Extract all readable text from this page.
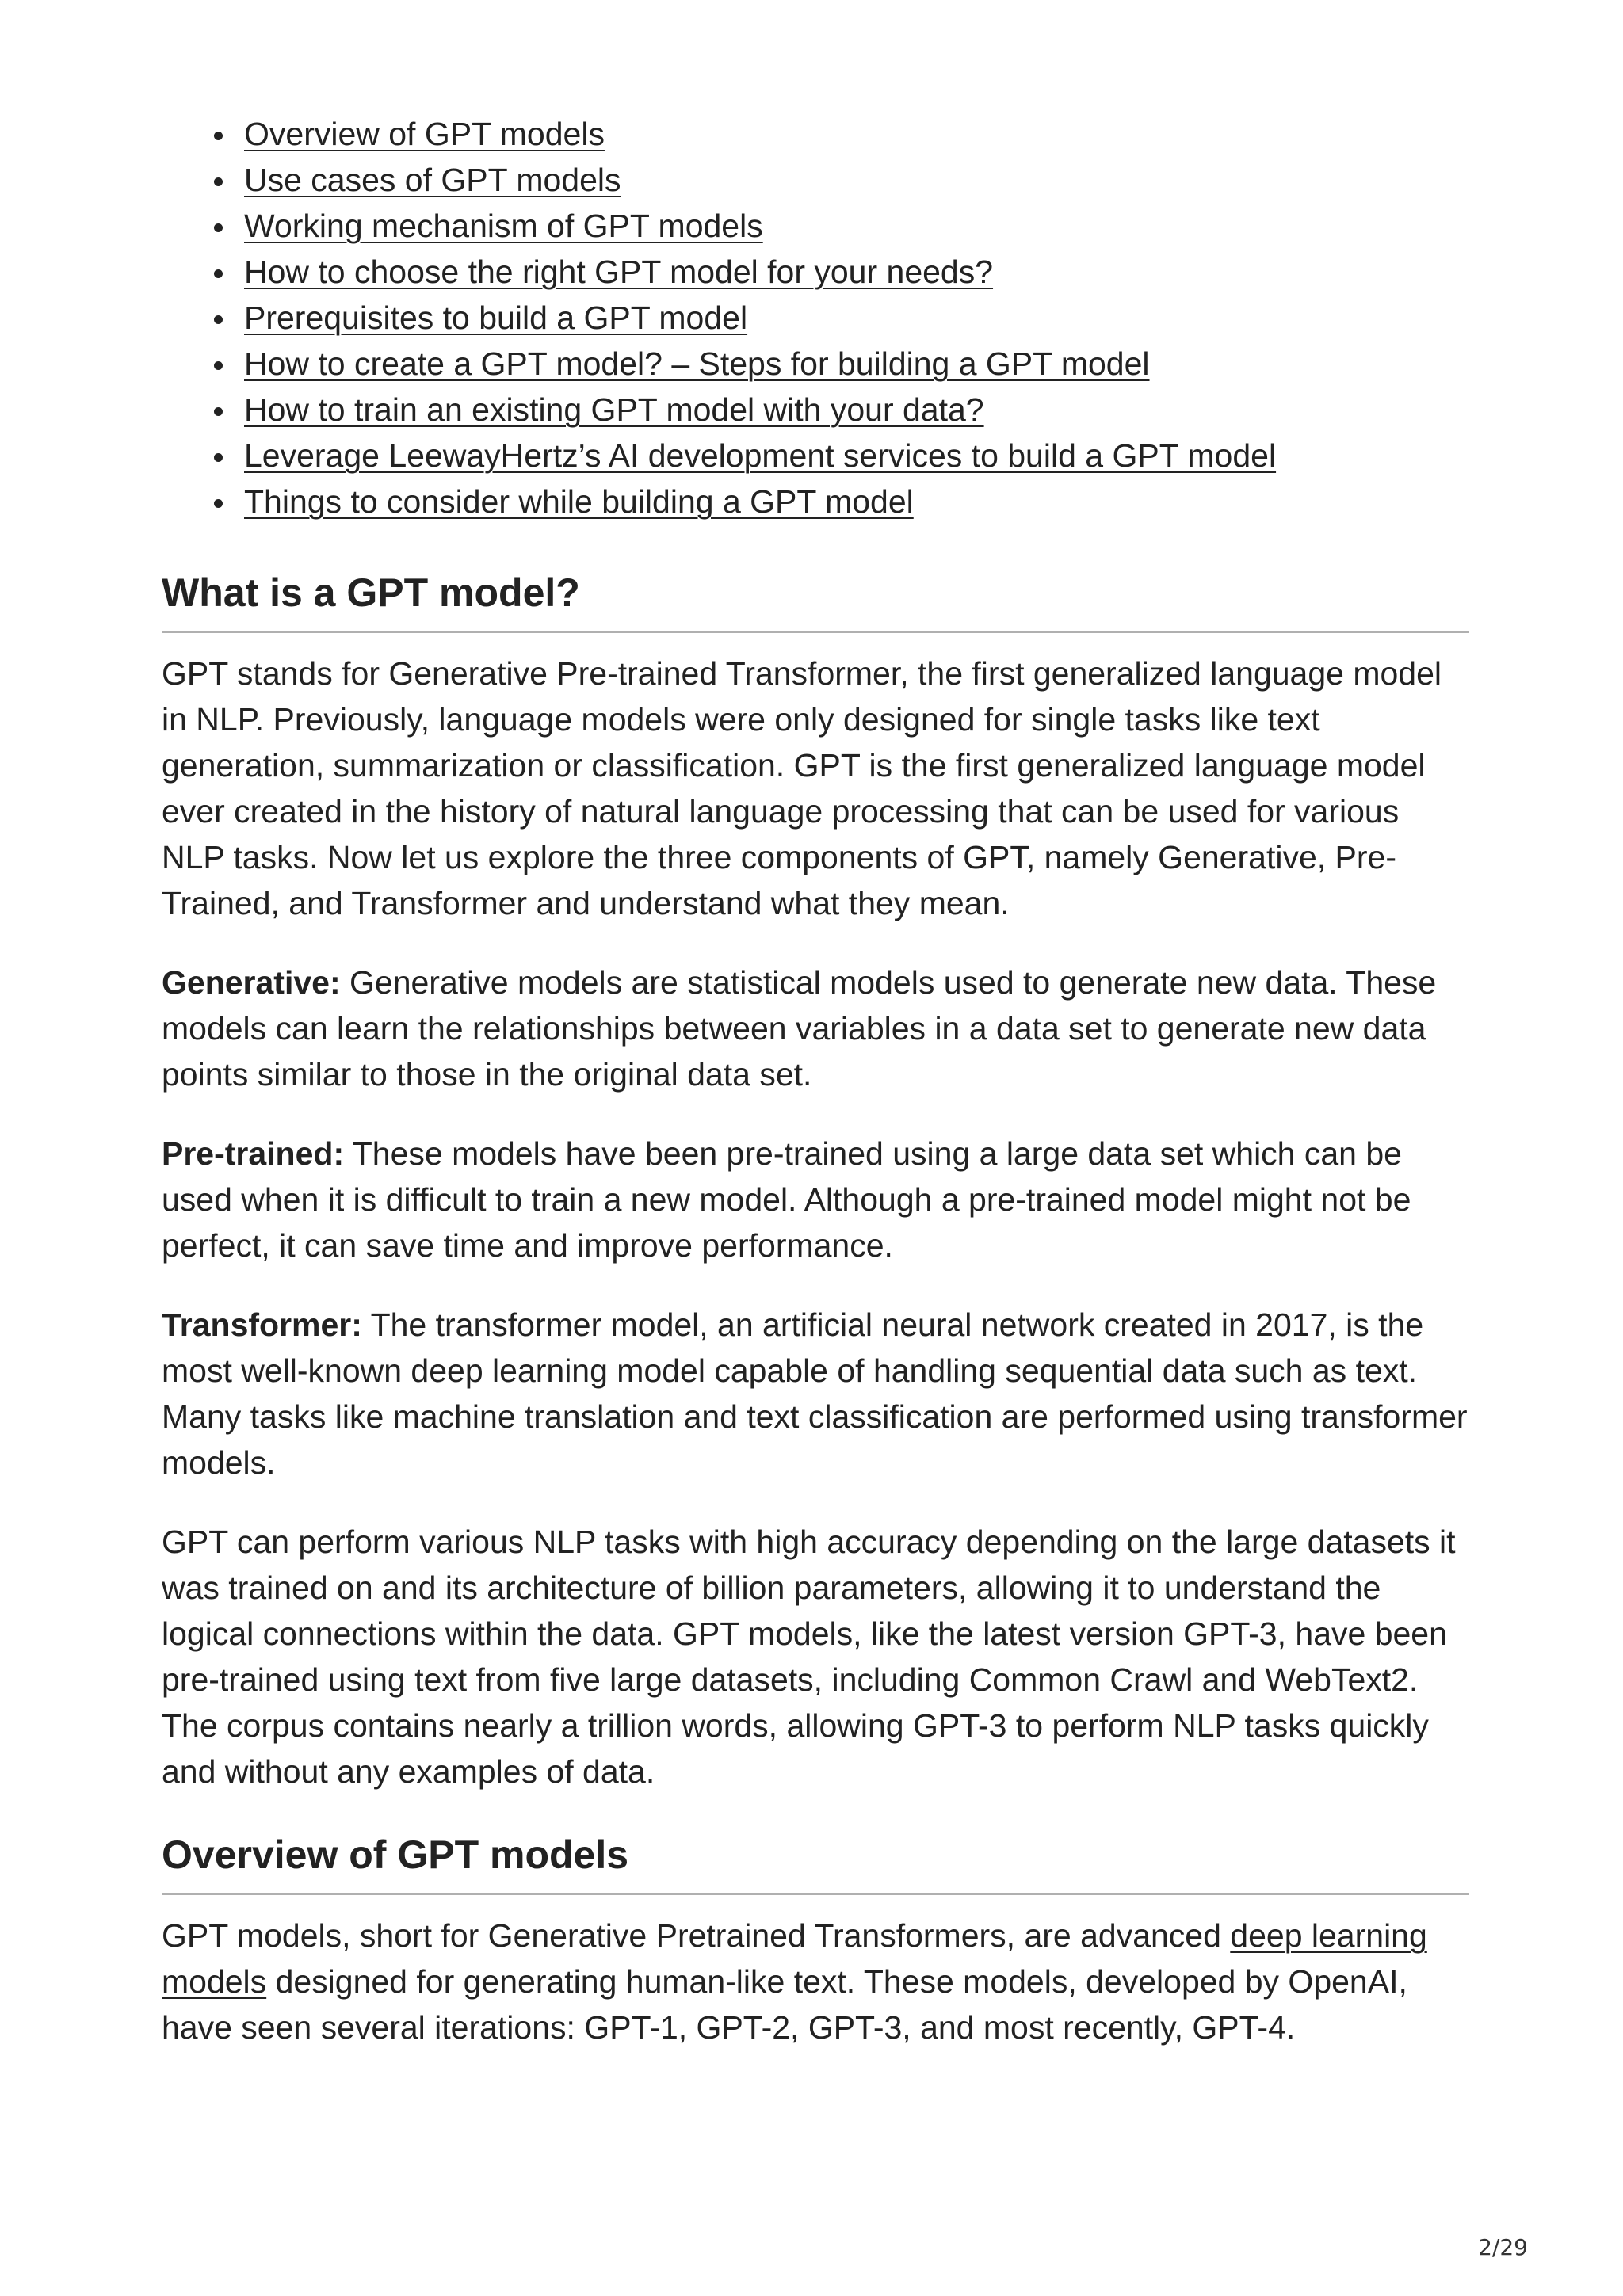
Overview of GPT models
Use cases of GPT models
Working mechanism of GPT models
How to choose the right GPT model for your needs?
Prerequisites to build a GPT model
How to create a GPT model? – Steps for building a GPT model
How to train an existing GPT model with your data?
Leverage LeewayHertz’s AI development services to build a GPT model
Things to consider while building a GPT model
What is a GPT model?

GPT stands for Generative Pre-trained Transformer, the first generalized language model in NLP. Previously, language models were only designed for single tasks like text generation, summarization or classification. GPT is the first generalized language model ever created in the history of natural language processing that can be used for various NLP tasks. Now let us explore the three components of GPT, namely Generative, Pre-Trained, and Transformer and understand what they mean.

Generative: Generative models are statistical models used to generate new data. These models can learn the relationships between variables in a data set to generate new data points similar to those in the original data set.

Pre-trained: These models have been pre-trained using a large data set which can be used when it is difficult to train a new model. Although a pre-trained model might not be perfect, it can save time and improve performance.

Transformer: The transformer model, an artificial neural network created in 2017, is the most well-known deep learning model capable of handling sequential data such as text. Many tasks like machine translation and text classification are performed using transformer models.

GPT can perform various NLP tasks with high accuracy depending on the large datasets it was trained on and its architecture of billion parameters, allowing it to understand the logical connections within the data. GPT models, like the latest version GPT-3, have been pre-trained using text from five large datasets, including Common Crawl and WebText2. The corpus contains nearly a trillion words, allowing GPT-3 to perform NLP tasks quickly and without any examples of data.

Overview of GPT models

GPT models, short for Generative Pretrained Transformers, are advanced deep learning models designed for generating human-like text. These models, developed by OpenAI, have seen several iterations: GPT-1, GPT-2, GPT-3, and most recently, GPT-4.

2/29
